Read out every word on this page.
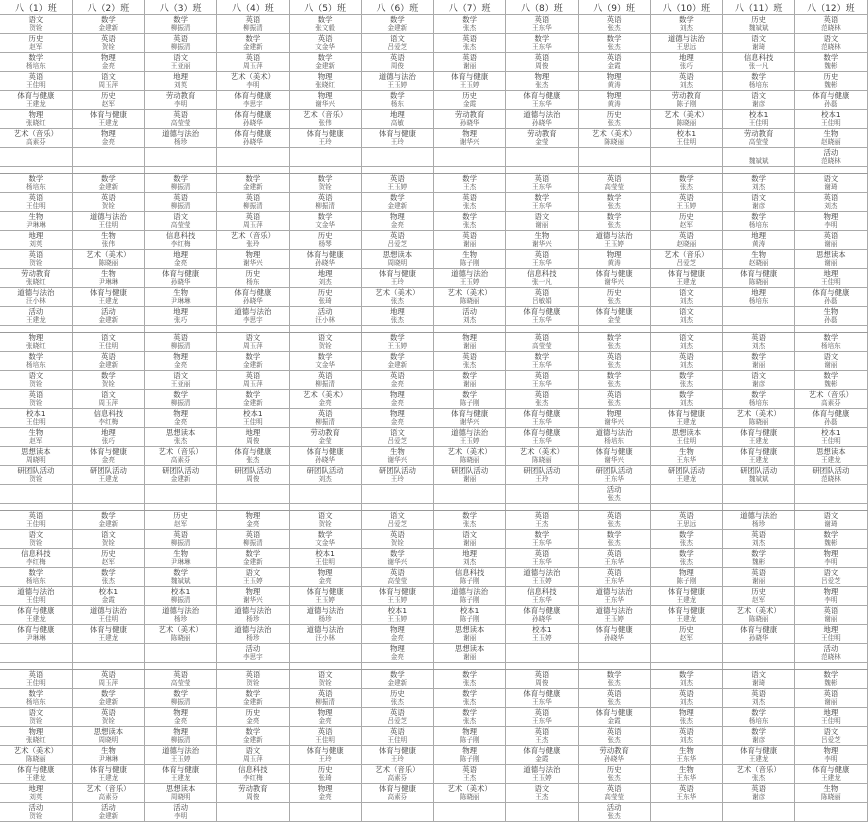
八（1）班	八（2）班	八（3）班	八（4）班	八（5）班	八（6）班	八（7）班	八（8）班	八（9）班	八（10）班	八（11）班	八（12）班
语文	数学	数学	英语	数学	数学	数学	英语	英语	数学	历史	英语
贺铨	金建新	柳振清	柳振清	张文毅	金建新	张杰	王东华	张杰	刘杰	魏斌斌	范晓林
历史	英语	英语	数学	英语	语文	英语	数学	数学	道德与法治	语文	语文
赵军	贺铨	柳振清	金建新	文金华	吕爱芝	张杰	王东华	张杰	王思远	谢琦	范晓林
数学	物理	语文	英语	数学	英语	英语	英语	英语	地理	信息科技	数学
杨培东	金亮	王亚丽	周玉萍	金建新	周俊	谢丽	周俊	金霞	张巧	张一凡	魏彬
英语	语文	地理	艺术（美术）	物理	道德与法治	体育与健康	物理	物理	英语	数学	历史
王佳明	周玉萍	刘英	李明	张晓红	王玉婷	王玉婷	张杰	黄涛	刘杰	杨培东	魏彬
体育与健康	历史	劳动教育	体育与健康	物理	数学	历史	体育与健康	物理	劳动教育	语文	体育与健康
王建龙	赵军	李明	李思宇	谢华兴	杨东	金霞	王东华	黄涛	陈子刚	谢彦	孙磊
物理	体育与健康	英语	体育与健康	艺术（音乐）	地理	劳动教育	道德与法治	历史	艺术（美术）	校本1	校本1
张晓红	王建龙	高莹莹	孙晓华	张伟	高敏	孙晓华	孙晓华	张杰	陈晓丽	王佳明	王佳明
艺术（音乐）	物理	道德与法治	体育与健康	体育与健康	体育与健康	物理	劳动教育	艺术（美术）	校本1	劳动教育	生物
高素芬	金亮	杨珍	孙晓华	王玲	王玲	谢华兴	金莹	陈晓丽	王佳明	高莹莹	赵晓丽
											活动
										魏斌斌	范晓林

数学	数学	数学	数学	数学	英语	数学	英语	英语	数学	数学	语文
杨培东	金建新	柳振清	金建新	贺铨	王玉婷	王杰	王东华	高莹莹	张杰	刘杰	谢琦
英语	英语	英语	英语	英语	数学	英语	数学	数学	英语	语文	英语
王佳明	贺铨	柳振清	柳振清	柳振清	金建新	张杰	王东华	张杰	王玉婷	谢彦	刘杰
生物	道德与法治	语文	英语	数学	物理	数学	语文	数学	历史	数学	物理
尹琳琳	王佳明	高莹莹	周玉萍	文金华	金亮	张杰	谢丽	张杰	赵军	杨培东	李明
地理	生物	信息科技	艺术（音乐）	历史	英语	英语	生物	道德与法治	英语	地理	英语
刘英	张伟	李红梅	张玲	杨琴	吕爱芝	谢丽	谢华兴	王玉婷	赵晓丽	黄涛	谢丽
英语	艺术（美术）	地理	物理	体育与健康	思想读本	生物	英语	物理	艺术（音乐）	生物	思想读本
贺铨	陈晓丽	金亮	谢华兴	孙晓华	周晓明	陈子刚	王东华	黄涛	吕爱芝	赵晓丽	谢丽
劳动教育	生物	体育与健康	历史	地理	体育与健康	道德与法治	信息科技	体育与健康	体育与健康	体育与健康	地理
张晓红	尹琳琳	孙晓华	杨东	刘杰	王玲	王玉婷	张一凡	谢华兴	王建龙	陈晓丽	王佳明
道德与法治	体育与健康	生物	体育与健康	历史	艺术（美术）	艺术（美术）	英语	历史	语文	地理	体育与健康
汪小林	王建龙	尹琳琳	孙晓华	张琦	张杰	陈晓丽	吕敏娟	张杰	刘杰	杨培东	孙磊
活动	活动	地理	道德与法治	活动	地理	活动	体育与健康	体育与健康	语文		生物
王建龙	金建新	张巧	李思宇	汪小林	张杰	刘杰	王东华	金莹	刘杰		孙磊

物理	语文	英语	语文	语文	数学	物理	英语	数学	语文	英语	数学
张晓红	王佳明	柳振清	周玉萍	贺铨	王玉婷	谢丽	高莹莹	张杰	刘杰	刘杰	杨培东
数学	英语	物理	数学	数学	数学	英语	数学	英语	英语	数学	语文
杨培东	金建新	金亮	金建新	文金华	金建新	张杰	王东华	张杰	刘杰	谢丽	谢丽
语文	数学	语文	英语	英语	英语	数学	英语	数学	数学	语文	数学
贺铨	贺铨	王亚丽	周玉萍	柳振清	金亮	谢丽	王东华	张杰	张杰	谢彦	魏彬
英语	语文	数学	数学	艺术（美术）	物理	数学	英语	英语	数学	数学	艺术（音乐）
贺铨	周玉萍	柳振清	金建新	金亮	金亮	陈子刚	张杰	张杰	刘杰	杨培东	高素芬
校本1	信息科技	物理	校本1	英语	物理	体育与健康	体育与健康	物理	体育与健康	艺术（美术）	体育与健康
王佳明	李红梅	金亮	王佳明	柳振清	金亮	谢华兴	王东华	谢华兴	王建龙	陈晓丽	孙磊
生物	地理	思想读本	地理	劳动教育	语文	道德与法治	体育与健康	道德与法治	思想读本	体育与健康	校本1
赵军	张巧	张杰	周俊	金莹	吕爱芝	王玉婷	王东华	杨培东	王佳明	王建龙	王佳明
思想读本	体育与健康	艺术（音乐）	体育与健康	体育与健康	生物	艺术（美术）	艺术（美术）	体育与健康	生物	体育与健康	思想读本
周晓明	金亮	高素芬	张杰	孙晓华	谢华兴	陈晓丽	陈晓丽	谢华兴	王东华	王建龙	王建龙
研团队活动	研团队活动	研团队活动	研团队活动	研团队活动	研团队活动	研团队活动	研团队活动	研团队活动	研团队活动	研团队活动	研团队活动
贺铨	王建龙	金建新	周俊	刘杰	王玲	谢丽	王玲	王东华	王建龙	魏斌斌	范晓林
								活动			
								张杰			

英语	数学	历史	物理	语文	语文	数学	英语	英语	英语	道德与法治	语文
王佳明	金建新	赵军	金亮	贺铨	吕爱芝	张杰	王杰	张杰	王思远	杨珍	谢琦
语文	语文	英语	英语	数学	英语	语文	数学	数学	数学	英语	数学
贺铨	贺铨	柳振清	柳振清	文金华	贺铨	谢丽	王东华	张杰	张杰	刘杰	魏彬
信息科技	历史	生物	数学	校本1	数学	地理	英语	英语	数学	数学	物理
李红梅	赵军	尹琳琳	金建新	王佳明	谢华兴	刘杰	王东华	王东华	张杰	魏彬	李明
数学	数学	数学	语文	物理	英语	信息科技	道德与法治	英语	物理	英语	语文
杨培东	张杰	魏斌斌	王玉婷	金亮	高莹莹	陈子刚	王玉婷	王东华	陈子刚	谢丽	吕爱芝
道德与法治	校本1	校本1	物理	体育与健康	体育与健康	道德与法治	信息科技	道德与法治	体育与健康	历史	物理
王佳明	金霞	柳振清	谢华兴	王玉婷	王玉婷	陈子刚	王东华	王东华	王建龙	赵军	李明
体育与健康	道德与法治	道德与法治	道德与法治	道德与法治	校本1	校本1	体育与健康	道德与法治	体育与健康	艺术（美术）	英语
王建龙	王佳明	杨珍	杨珍	杨珍	王玉婷	陈子刚	孙晓华	王玉婷	王建龙	陈晓丽	谢丽
体育与健康	体育与健康	艺术（美术）	道德与法治	道德与法治	物理	思想读本	校本1	体育与健康	历史	体育与健康	地理
尹琳琳	王建龙	陈晓丽	杨珍	汪小林	金亮	谢丽	王玉婷	孙晓华	赵军	孙晓华	王佳明
			活动		物理	思想读本					活动
			李思宇		金亮	谢丽					范晓林

英语	英语	英语	英语	语文	数学	数学	英语	数学	数学	语文	数学
王佳明	周玉萍	高莹莹	贺铨	贺铨	金建新	张杰	周俊	张杰	刘杰	谢琦	魏彬
数学	数学	数学	数学	英语	历史	数学	体育与健康	英语	英语	英语	英语
杨培东	金建新	柳振清	金建新	柳振清	张杰	张杰	王东华	张杰	刘杰	刘杰	谢丽
语文	英语	物理	历史	物理	英语	数学	英语	体育与健康	物理	数学	地理
贺铨	贺铨	金亮	金亮	金亮	吕爱芝	张杰	王东华	金霞	张杰	杨培东	王佳明
物理	思想读本	物理	数学	英语	英语	物理	英语	英语	英语	数学	语文
张晓红	周晓明	柳振清	金建新	王佳明	王佳明	陈子刚	王杰	张杰	刘杰	谢彦	吕爱芝
艺术（美术）	生物	道德与法治	语文	体育与健康	体育与健康	物理	体育与健康	劳动教育	生物	体育与健康	物理
陈晓丽	尹琳琳	王玉婷	周玉萍	王玲	王玲	陈子刚	金霞	孙晓华	王东华	王建龙	李明
体育与健康	体育与健康	体育与健康	信息科技	历史	艺术（音乐）	英语	道德与法治	历史	生物	艺术（音乐）	体育与健康
王建龙	王建龙	王建龙	李红梅	张琦	高素芬	王杰	王玉婷	张杰	王东华	张杰	王建龙
地理	艺术（音乐）	思想读本	劳动教育	物理	体育与健康	艺术（美术）	语文	英语	英语	英语	生物
刘英	高素芬	周晓明	周俊	金亮	高素芬	陈晓丽	王杰	高莹莹	王东华	谢彦	陈晓丽
活动	活动	活动						活动			
贺铨	金建新	李明						张杰			
